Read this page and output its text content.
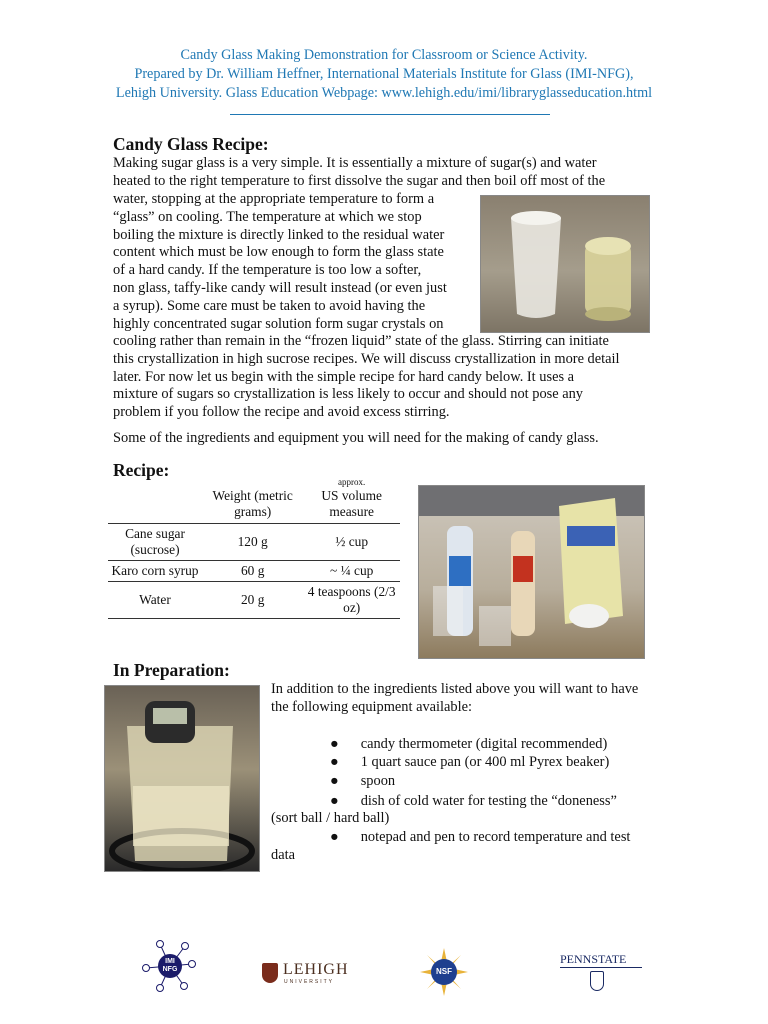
Candy Glass Making Demonstration for Classroom or Science Activity.
Prepared by Dr. William Heffner, International Materials Institute for Glass (IMI-NFG),
Lehigh University. Glass Education Webpage: www.lehigh.edu/imi/libraryglasseducation.html
Candy Glass Recipe:
Making sugar glass is a very simple. It is essentially a mixture of sugar(s) and water
heated to the right temperature to first dissolve the sugar and then boil off most of the
water, stopping at the appropriate temperature to form a
“glass” on cooling. The temperature at which we stop
boiling the mixture is directly linked to the residual water
content which must be low enough to form the glass state
of a hard candy. If the temperature is too low a softer,
non glass, taffy-like candy will result instead (or even just
a syrup). Some care must be taken to avoid having the
highly concentrated sugar solution form sugar crystals on
cooling rather than remain in the “frozen liquid” state of the glass. Stirring can initiate
this crystallization in high sucrose recipes. We will discuss crystallization in more detail
later. For now let us begin with the simple recipe for hard candy below. It uses a
mixture of sugars so crystallization is less likely to occur and should not pose any
problem if you follow the recipe and avoid excess stirring.

Some of the ingredients and equipment you will need for the making of candy glass.

Recipe:
	Weight (metric grams)	approx.
US volume measure
Cane sugar (sucrose)	120 g	½ cup
Karo corn syrup	60 g	~ ¼ cup
Water	20 g	4 teaspoons (2/3 oz)
In Preparation:
In addition to the ingredients listed above you will want to have
the following equipment available:
● candy thermometer (digital recommended)
● 1 quart sauce pan (or 400 ml Pyrex beaker)
● spoon
● dish of cold water for testing the “doneness”
(sort ball / hard ball)
● notepad and pen to record temperature and test
data
IMI NFG	LEHIGH
UNIVERSITY
NSF
PENNSTATE
